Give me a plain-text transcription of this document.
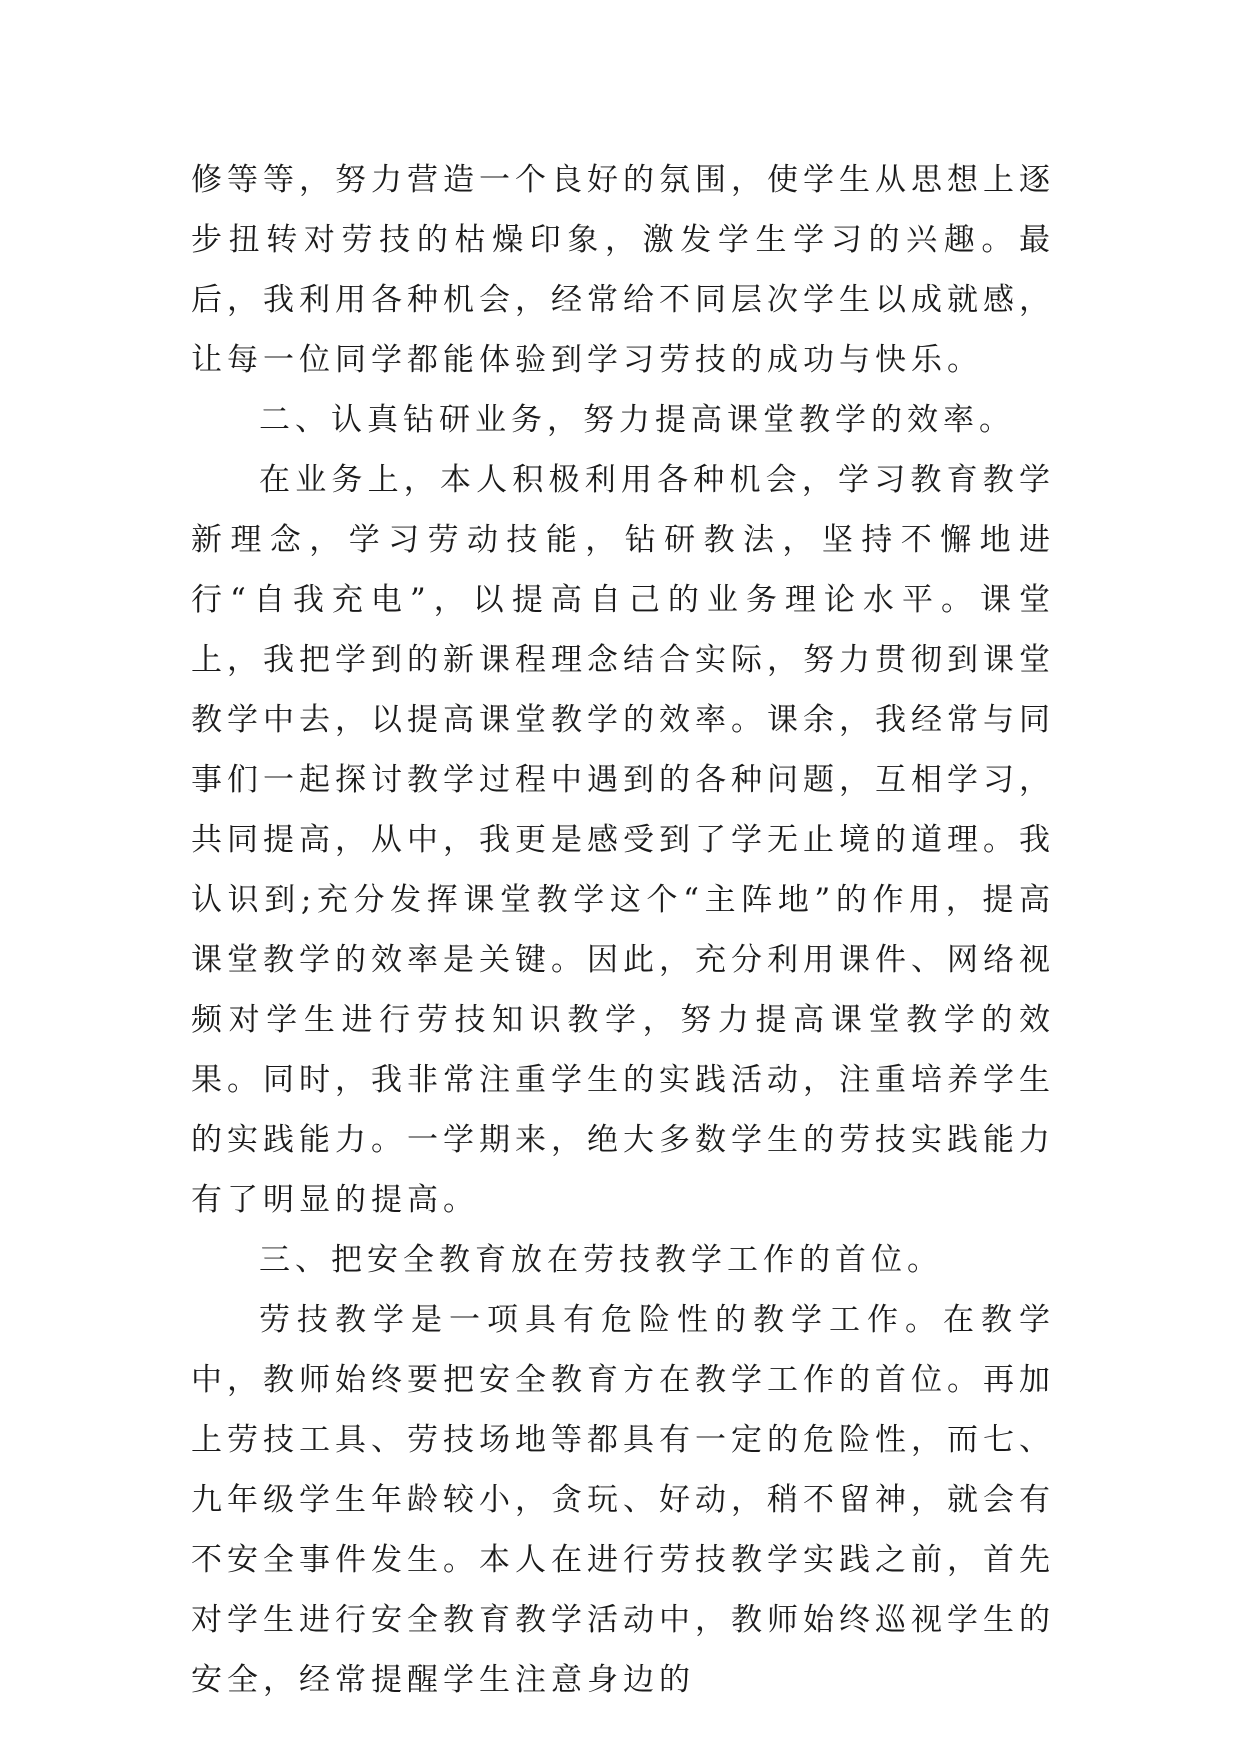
修等等，努力营造一个良好的氛围，使学生从思想上逐步扭转对劳技的枯燥印象，激发学生学习的兴趣。最后，我利用各种机会，经常给不同层次学生以成就感，让每一位同学都能体验到学习劳技的成功与快乐。

二、认真钻研业务，努力提高课堂教学的效率。

在业务上，本人积极利用各种机会，学习教育教学新理念，学习劳动技能，钻研教法，坚持不懈地进行“自我充电”，以提高自己的业务理论水平。课堂上，我把学到的新课程理念结合实际，努力贯彻到课堂教学中去，以提高课堂教学的效率。课余，我经常与同事们一起探讨教学过程中遇到的各种问题，互相学习，共同提高，从中，我更是感受到了学无止境的道理。我认识到;充分发挥课堂教学这个“主阵地”的作用，提高课堂教学的效率是关键。因此，充分利用课件、网络视频对学生进行劳技知识教学，努力提高课堂教学的效果。同时，我非常注重学生的实践活动，注重培养学生的实践能力。一学期来，绝大多数学生的劳技实践能力有了明显的提高。

三、把安全教育放在劳技教学工作的首位。

劳技教学是一项具有危险性的教学工作。在教学中，教师始终要把安全教育方在教学工作的首位。再加上劳技工具、劳技场地等都具有一定的危险性，而七、九年级学生年龄较小，贪玩、好动，稍不留神，就会有不安全事件发生。本人在进行劳技教学实践之前，首先对学生进行安全教育教学活动中，教师始终巡视学生的安全，经常提醒学生注意身边的
